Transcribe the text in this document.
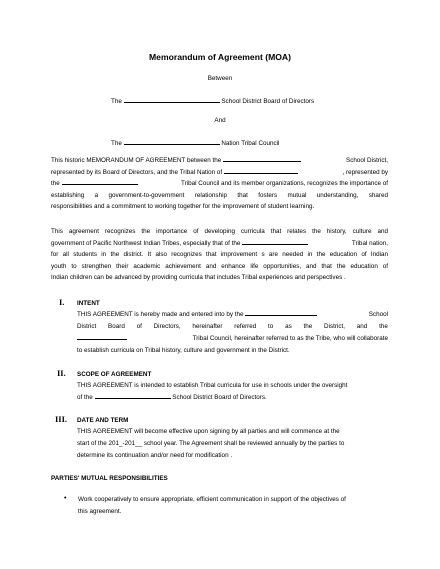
Memorandum of Agreement (MOA)
Between
The	School District Board of Directors
And
The	Nation Tribal Council
This historic MEMORANDUM OF AGREEMENT between the	School District,
represented by its Board of Directors, and the Tribal Nation of	, represented by
the	Tribal Council and its member organizations, recognizes the importance of
establishing a government-to-government relationship that fosters mutual understanding, shared
responsibilities and a commitment to working together for the improvement of student learning.
This agreement recognizes the importance of developing curricula that relates the history, culture and
government of Pacific Northwest Indian Tribes, especially that of the	Tribal nation,
for all students in the district. It also recognizes that improvement s are needed in the education of Indian
youth to strengthen their academic achievement and enhance life opportunities, and that the education of
Indian children can be advanced by providing curricula that includes Tribal experiences and perspectives .
I. INTENT
THIS AGREEMENT is hereby made and entered into by the	School
District Board of Directors, hereinafter referred to as the District, and the
Tribal Council, hereinafter referred to as the Tribe, who will collaborate
to establish curricula on Tribal history, culture and government in the District.
II. SCOPE OF AGREEMENT
THIS AGREEMENT is intended to establish Tribal curricula for use in schools under the oversight
of the	School District Board of Directors.
III. DATE AND TERM
THIS AGREEMENT will become effective upon signing by all parties and will commence at the
start of the 201_-201__ school year. The Agreement shall be reviewed annually by the parties to
determine its continuation and/or need for modification .
PARTIES' MUTUAL RESPONSIBILITIES
• Work cooperatively to ensure appropriate, efficient communication in support of the objectives of
this agreement.
